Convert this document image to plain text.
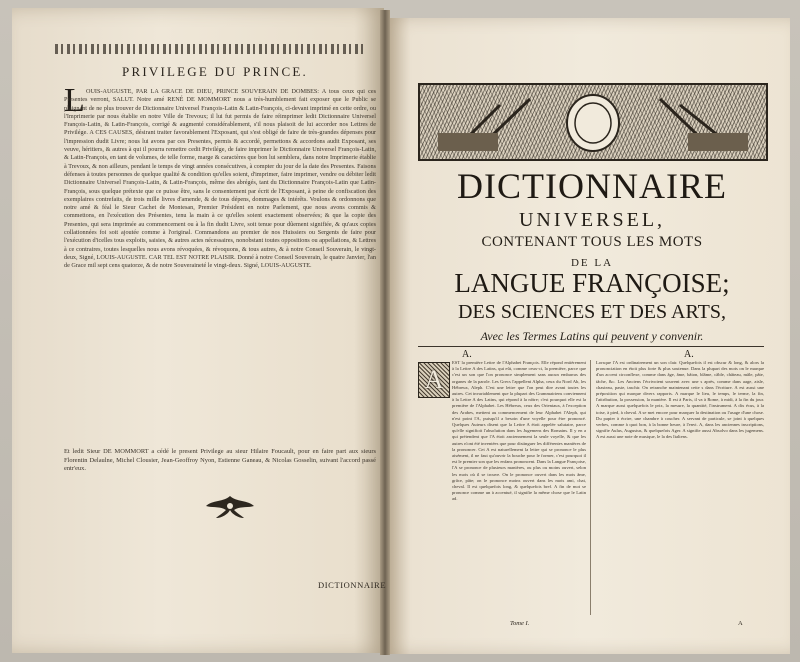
PRIVILEGE DU PRINCE.
L OUIS-AUGUSTE, PAR LA GRACE DE DIEU, PRINCE SOUVERAIN DE DOMBES: A tous ceux qui ces Presentes verront, SALUT. Notre amé RENÉ DE MOMMORT nous a très-humblement fait exposer que le Public se plaignant de ne plus trouver de Dictionnaire Universel François-Latin & Latin-François, ci-devant imprimé en cette ordre, ou l'Imprimerie par nous établie en notre Ville de Trevoux; il lui fut permis de faire réimprimer ledit Dictionnaire Universel François-Latin, & Latin-François, corrigé & augmenté considérablement, s'il nous plaisoit de lui accorder nos Lettres de Privilége. A CES CAUSES, désirant traiter favorablement l'Exposant, qui s'est obligé de faire de très-grandes dépenses pour l'impression dudit Livre; nous lui avons par ces Presentes, permis & accordé, permettons & accordons audit Exposant, ses veuve, héritiers, & autres à qui il pourra remettre cedit Privilége, de faire imprimer le Dictionnaire Universel François-Latin, & Latin-François, en tant de volumes, de telle forme, marge & caractères que bon lui semblera, dans notre Imprimerie établie à Trevoux, & non ailleurs, pendant le temps de vingt années consécutives, à compter du jour de la date des Presentes. Faisons défenses à toutes personnes de quelque qualité & condition qu'elles soient, d'imprimer, faire imprimer, vendre ou débiter ledit Dictionnaire Universel François-Latin, & Latin-François, même des abrégés, tant du Dictionnaire François-Latin que Latin-François, sous quelque prétexte que ce puisse être, sans le consentement par écrit de l'Exposant, à peine de confiscation des exemplaires contrefaits, de trois mille livres d'amende, & de tous dépens, dommages & intérêts. Voulons & ordonnons que notre amé & féal le Sieur Cachet de Montesan, Premier Président en notre Parlement, que nous avons commis & commettons, en l'exécution des Présentes, tenu la main à ce qu'elles soient exactement observées; & que la copie des Presentes, qui sera imprimée au commencement ou à la fin dudit Livre, soit tenue pour dûement signifiée, & qu'aux copies collationnées foi soit ajoutée comme à l'original. Commandons au premier de nos Huissiers ou Sergents de faire pour l'exécution d'icelles tous exploits, saisies, & autres actes nécessaires, nonobstant toutes oppositions ou appellations, & Lettres à ce contraires, toutes lesquelles nous avons révoquées, & révoquons, & tous autres, & à notre Conseil Souverain, le vingt-deux, Signé, LOUIS-AUGUSTE. CAR TEL EST NOTRE PLAISIR. Donné à notre Conseil Souverain, le quatre Janvier, l'an de Grace mil sept cens quatorze, & de notre Souveraineté le vingt-deux. Signé, LOUIS-AUGUSTE.
Et ledit Sieur DE MOMMORT a cédé le present Privilege au sieur Hilaire Foucault, pour en faire part aux sieurs Florentin Delaulne, Michel Clousier, Jean-Geoffroy Nyon, Estienne Ganeau, & Nicolas Gosselin, suivant l'accord passé entr'eux.
DICTIONNAIRE
DICTIONNAIRE
UNIVERSEL,
CONTENANT TOUS LES MOTS
DE LA
LANGUE FRANÇOISE;
DES SCIENCES ET DES ARTS,
Avec les Termes Latins qui peuvent y convenir.
A.	A.
EST la première Lettre de l'Alphabet François. Elle répond entièrement à la Lettre A des Latins, qui eût, comme ceux-ci, la première, parce que c'est un son que l'on prononce simplement sans aucun embarras des organes de la parole. Les Grecs l'appellent Alpha, ceux du Nord Ab, les Hébreux, Aleph. C'est une lettre que l'on peut dire avant toutes les autres. Cet invariablement que la plupart des Grammairiens conviennent à la Lettre A des Latins, qui répond à la nôtre; c'est pourquoi elle est la première de l'Alphabet. Les Hébreux, ceux des Orientaux, à l'exception des Arabes, mettent au commencement de leur Alphabet l'Aleph, qui n'est point l'A, puisqu'il a besoin d'une voyelle pour être prononcé. Quelques Auteurs disent que la Lettre A étoit appelée salutaire, parce qu'elle signifioit l'absolution dans les Jugemens des Romains. Il y en a qui prétendent que l'A étoit anciennement la seule voyelle, & que les autres n'ont été inventées que pour distinguer les différentes manières de la prononcer. Cet A est naturellement la lettre qui se prononce le plus aisément, il ne faut qu'ouvrir la bouche pour le former, c'est pourquoi il est le premier son que les enfans prononcent. Dans la Langue Françoise, l'A se prononce de plusieurs manières, ou plus ou moins ouvert, selon les mots où il se trouve. On le prononce ouvert dans les mots âme, grâce, pâte; on le prononce moins ouvert dans les mots ami, chat, cheval. Il est quelquefois long, & quelquefois bref. A fin de mot se prononce comme un à accentué, il signifie la même chose que le Latin ad.
A
Lorsque l'A est ordinairement un son clair. Quelquefois il est obscur & long, & alors la prononciation en étoit plus forte & plus soutenue. Dans la plupart des mots on le marque d'un accent circonflexe, comme dans âge, âme, bâton, blâme, câble, château, mâle, pâte, tâche, &c. Les Anciens l'écrivoient souvent avec une s après, comme dans aage, aisle, chasteau, paste, taschir. On retranche maintenant cette s dans l'écriture. A est aussi une préposition qui marque divers rapports. A marque le lieu, le temps, le terme, la fin, l'attribution, la possession, la manière. Il est à Paris, il va à Rome, à midi, à la fin du jour. A marque aussi quelquefois le prix, la mesure, la quantité, l'instrument. A dix écus, à la toise, à pied, à cheval. A se met encore pour marquer la destination ou l'usage d'une chose. Du papier à écrire, une chambre à coucher. A servant de particule, se joint à quelques verbes, comme à quoi bon, à la bonne heure, à l'envi. A, dans les anciennes inscriptions, signifie Aulus, Augustus, & quelquefois Ager. A signifie aussi Absolvo dans les jugemens. A est aussi une note de musique, le la des Italiens.
Tome I.	A
